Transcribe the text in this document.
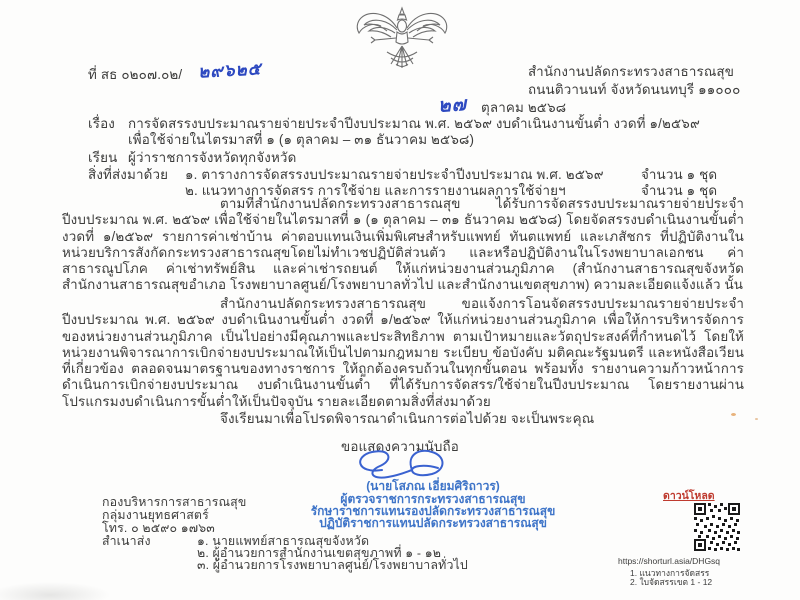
ที่ สธ ๐๒๐๗.๐๒/ ๒๙๖๒๕	สำนักงานปลัดกระทรวงสาธารณสุข
ถนนติวานนท์ จังหวัดนนทบุรี ๑๑๐๐๐
๒๗ ตุลาคม ๒๕๖๘
เรื่อง การจัดสรรงบประมาณรายจ่ายประจำปีงบประมาณ พ.ศ. ๒๕๖๙ งบดำเนินงานขั้นต่ำ งวดที่ ๑/๒๕๖๙
เพื่อใช้จ่ายในไตรมาสที่ ๑ (๑ ตุลาคม – ๓๑ ธันวาคม ๒๕๖๘)
เรียน ผู้ว่าราชการจังหวัดทุกจังหวัด
สิ่งที่ส่งมาด้วย ๑. ตารางการจัดสรรงบประมาณรายจ่ายประจำปีงบประมาณ พ.ศ. ๒๕๖๙	จำนวน ๑ ชุด
๒. แนวทางการจัดสรร การใช้จ่าย และการรายงานผลการใช้จ่ายฯ	จำนวน ๑ ชุด
ตามที่สำนักงานปลัดกระทรวงสาธารณสุข ได้รับการจัดสรรงบประมาณรายจ่ายประจำปีงบประมาณ พ.ศ. ๒๕๖๙ เพื่อใช้จ่ายในไตรมาสที่ ๑ (๑ ตุลาคม – ๓๑ ธันวาคม ๒๕๖๘) โดยจัดสรรงบดำเนินงานขั้นต่ำ งวดที่ ๑/๒๕๖๙ รายการค่าเช่าบ้าน ค่าตอบแทนเงินเพิ่มพิเศษสำหรับแพทย์ ทันตแพทย์ และเภสัชกร ที่ปฏิบัติงานในหน่วยบริการสังกัดกระทรวงสาธารณสุขโดยไม่ทำเวชปฏิบัติส่วนตัว และหรือปฏิบัติงานในโรงพยาบาลเอกชน ค่าสาธารณูปโภค ค่าเช่าทรัพย์สิน และค่าเช่ารถยนต์ ให้แก่หน่วยงานส่วนภูมิภาค (สำนักงานสาธารณสุขจังหวัด สำนักงานสาธารณสุขอำเภอ โรงพยาบาลศูนย์/โรงพยาบาลทั่วไป และสำนักงานเขตสุขภาพ) ความละเอียดแจ้งแล้ว นั้น
สำนักงานปลัดกระทรวงสาธารณสุข ขอแจ้งการโอนจัดสรรงบประมาณรายจ่ายประจำปีงบประมาณ พ.ศ. ๒๕๖๙ งบดำเนินงานขั้นต่ำ งวดที่ ๑/๒๕๖๙ ให้แก่หน่วยงานส่วนภูมิภาค เพื่อให้การบริหารจัดการของหน่วยงานส่วนภูมิภาค เป็นไปอย่างมีคุณภาพและประสิทธิภาพ ตามเป้าหมายและวัตถุประสงค์ที่กำหนดไว้ โดยให้หน่วยงานพิจารณาการเบิกจ่ายงบประมาณให้เป็นไปตามกฎหมาย ระเบียบ ข้อบังคับ มติคณะรัฐมนตรี และหนังสือเวียนที่เกี่ยวข้อง ตลอดจนมาตรฐานของทางราชการ ให้ถูกต้องครบถ้วนในทุกขั้นตอน พร้อมทั้ง รายงานความก้าวหน้าการดำเนินการเบิกจ่ายงบประมาณ งบดำเนินงานขั้นต่ำ ที่ได้รับการจัดสรร/ใช้จ่ายในปีงบประมาณ โดยรายงานผ่านโปรแกรมงบดำเนินการขั้นต่ำให้เป็นปัจจุบัน รายละเอียดตามสิ่งที่ส่งมาด้วย
จึงเรียนมาเพื่อโปรดพิจารณาดำเนินการต่อไปด้วย จะเป็นพระคุณ
ขอแสดงความนับถือ
(นายโสภณ เอี่ยมศิริถาวร)
ผู้ตรวจราชการกระทรวงสาธารณสุข
รักษาราชการแทนรองปลัดกระทรวงสาธารณสุข
ปฏิบัติราชการแทนปลัดกระทรวงสาธารณสุข
กองบริหารการสาธารณสุข
กลุ่มงานยุทธศาสตร์
โทร. ๐ ๒๕๙๐ ๑๗๖๓
สำเนาส่ง	๑. นายแพทย์สาธารณสุขจังหวัด
๒. ผู้อำนวยการสำนักงานเขตสุขภาพที่ ๑ - ๑๒
๓. ผู้อำนวยการโรงพยาบาลศูนย์/โรงพยาบาลทั่วไป
ดาวน์โหลด
https://shorturl.asia/DHGsq
1. แนวทางการจัดสรร
2. ใบจัดสรรเขต 1 - 12
